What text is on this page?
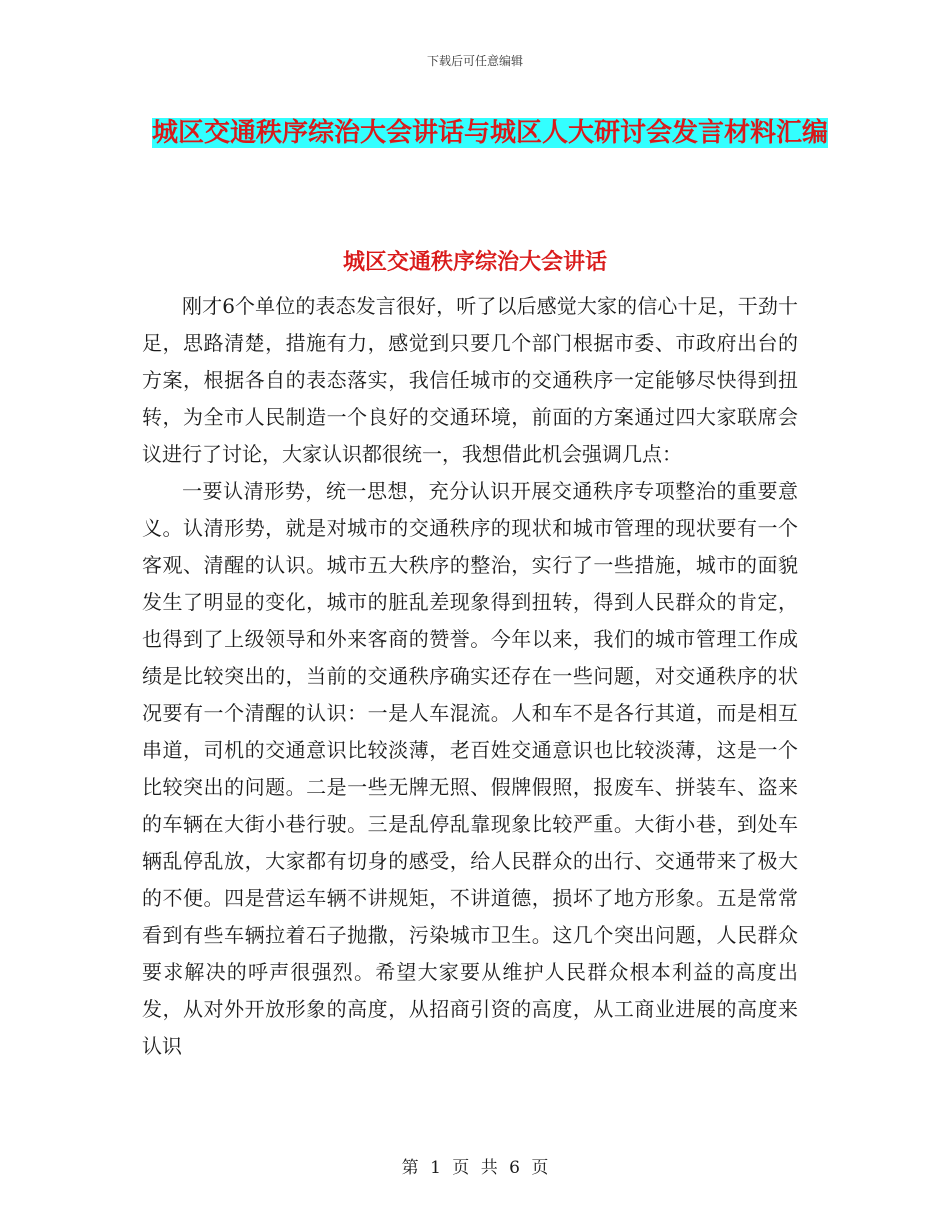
下载后可任意编辑
城区交通秩序综治大会讲话与城区人大研讨会发言材料汇编
城区交通秩序综治大会讲话

刚才6个单位的表态发言很好，听了以后感觉大家的信心十足，干劲十足，思路清楚，措施有力，感觉到只要几个部门根据市委、市政府出台的方案，根据各自的表态落实，我信任城市的交通秩序一定能够尽快得到扭转，为全市人民制造一个良好的交通环境，前面的方案通过四大家联席会议进行了讨论，大家认识都很统一，我想借此机会强调几点：

一要认清形势，统一思想，充分认识开展交通秩序专项整治的重要意义。认清形势，就是对城市的交通秩序的现状和城市管理的现状要有一个客观、清醒的认识。城市五大秩序的整治，实行了一些措施，城市的面貌发生了明显的变化，城市的脏乱差现象得到扭转，得到人民群众的肯定，也得到了上级领导和外来客商的赞誉。今年以来，我们的城市管理工作成绩是比较突出的，当前的交通秩序确实还存在一些问题，对交通秩序的状况要有一个清醒的认识：一是人车混流。人和车不是各行其道，而是相互串道，司机的交通意识比较淡薄，老百姓交通意识也比较淡薄，这是一个比较突出的问题。二是一些无牌无照、假牌假照，报废车、拼装车、盗来的车辆在大街小巷行驶。三是乱停乱靠现象比较严重。大街小巷，到处车辆乱停乱放，大家都有切身的感受，给人民群众的出行、交通带来了极大的不便。四是营运车辆不讲规矩，不讲道德，损坏了地方形象。五是常常看到有些车辆拉着石子抛撒，污染城市卫生。这几个突出问题，人民群众要求解决的呼声很强烈。希望大家要从维护人民群众根本利益的高度出发，从对外开放形象的高度，从招商引资的高度，从工商业进展的高度来认识

第 1 页 共 6 页
